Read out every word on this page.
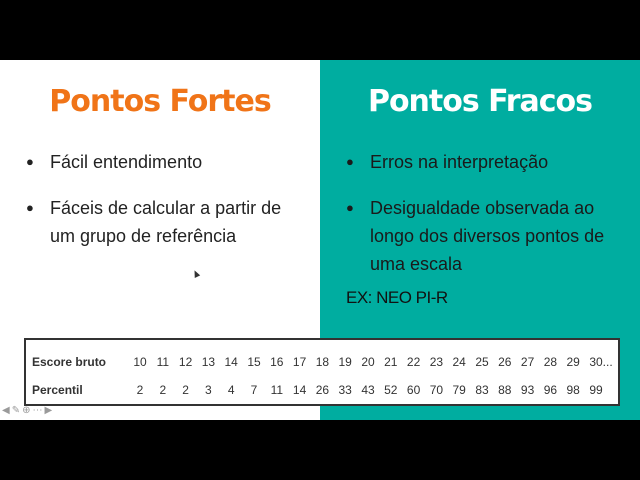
Pontos Fortes	Pontos Fracos
● Fácil entendimento
● Fáceis de calcular a partir de um grupo de referência
● Erros na interpretação
● Desigualdade observada ao longo dos diversos pontos de uma escala
EX: NEO PI-R
Escore bruto	10 11 12 13 14 15 16 17 18 19 20 21 22 23 24 25 26 27 28 29 30...
Percentil	2	2	2	3	4	7	11 14 26 33 43 52 60 70 79 83 88 93 96 98 99
◀ ✎ ⊕ ⋯ ▶
